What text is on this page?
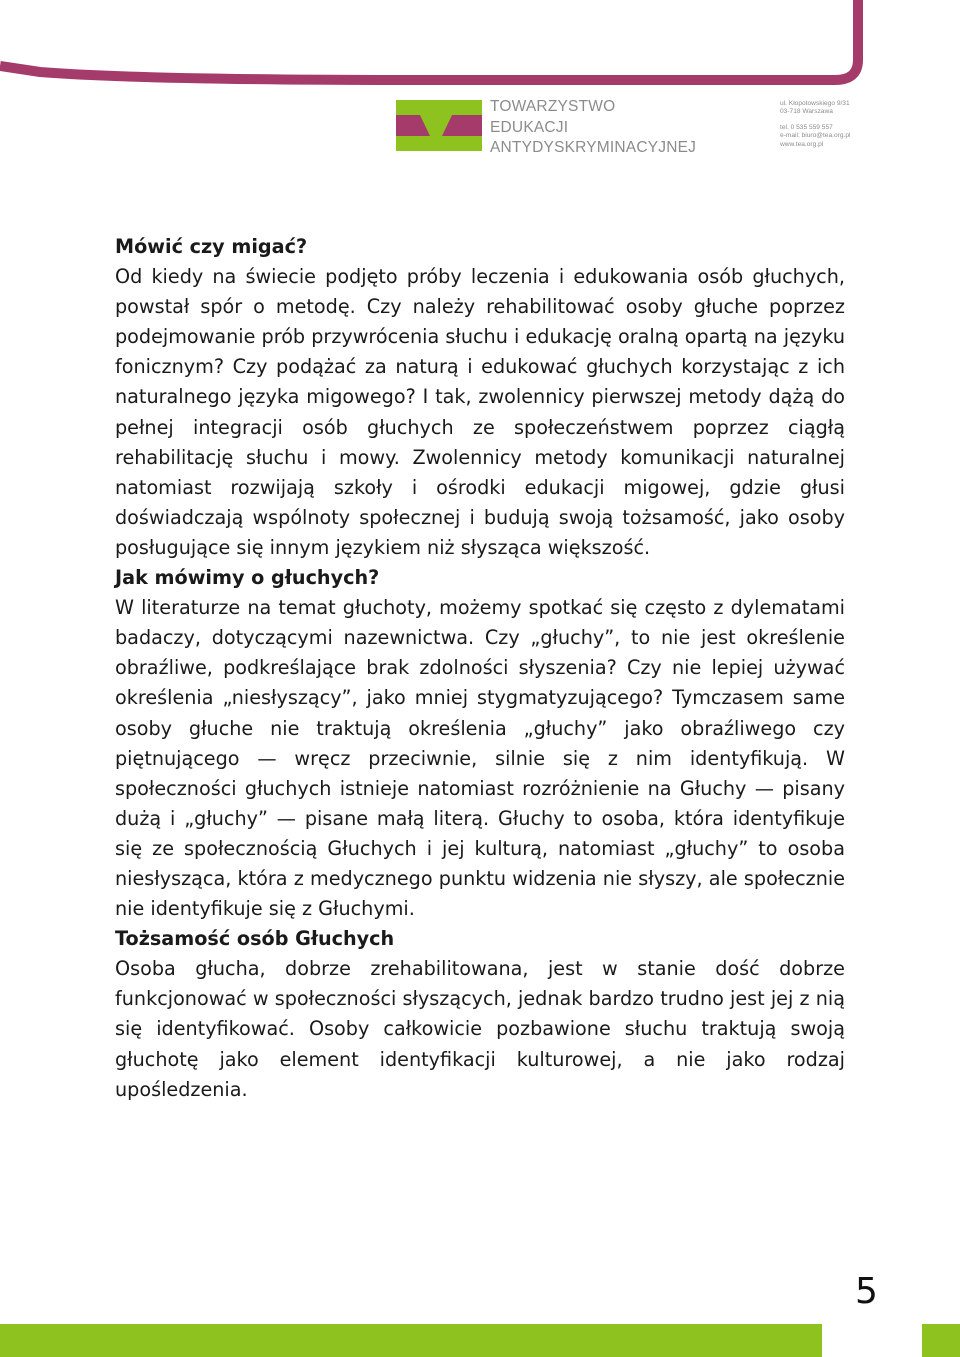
TOWARZYSTWO
EDUKACJI
ANTYDYSKRYMINACYJNEJ
ul. Kłopotowskiego 9/31
03-718 Warszawa
tel. 0 535 559 557
e-mail: biuro@tea.org.pl
www.tea.org.pl
Mówić czy migać?

Od kiedy na świecie podjęto próby leczenia i edukowania osób głuchych, powstał spór o metodę. Czy należy rehabilitować osoby głuche poprzez podejmowanie prób przywrócenia słuchu i edukację oralną opartą na języku fonicznym? Czy podążać za naturą i edukować głuchych korzystając z ich naturalnego języka migowego? I tak, zwolennicy pierwszej metody dążą do pełnej integracji osób głuchych ze społeczeństwem poprzez ciągłą rehabilitację słuchu i mowy. Zwolennicy metody komunikacji naturalnej natomiast rozwijają szkoły i ośrodki edukacji migowej, gdzie głusi doświadczają wspólnoty społecznej i budują swoją tożsamość, jako osoby posługujące się innym językiem niż słysząca większość.

Jak mówimy o głuchych?

W literaturze na temat głuchoty, możemy spotkać się często z dylematami badaczy, dotyczącymi nazewnictwa. Czy „głuchy”, to nie jest określenie obraźliwe, podkreślające brak zdolności słyszenia? Czy nie lepiej używać określenia „niesłyszący”, jako mniej stygmatyzującego? Tymczasem same osoby głuche nie traktują określenia „głuchy” jako obraźliwego czy piętnującego — wręcz przeciwnie, silnie się z nim identyfikują. W społeczności głuchych istnieje natomiast rozróżnienie na Głuchy — pisany dużą i „głuchy” — pisane małą literą. Głuchy to osoba, która identyfikuje się ze społecznością Głuchych i jej kulturą, natomiast „głuchy” to osoba niesłysząca, która z medycznego punktu widzenia nie słyszy, ale społecznie nie identyfikuje się z Głuchymi.

Tożsamość osób Głuchych

Osoba głucha, dobrze zrehabilitowana, jest w stanie dość dobrze funkcjonować w społeczności słyszących, jednak bardzo trudno jest jej z nią się identyfikować. Osoby całkowicie pozbawione słuchu traktują swoją głuchotę jako element identyfikacji kulturowej, a nie jako rodzaj upośledzenia.

5
